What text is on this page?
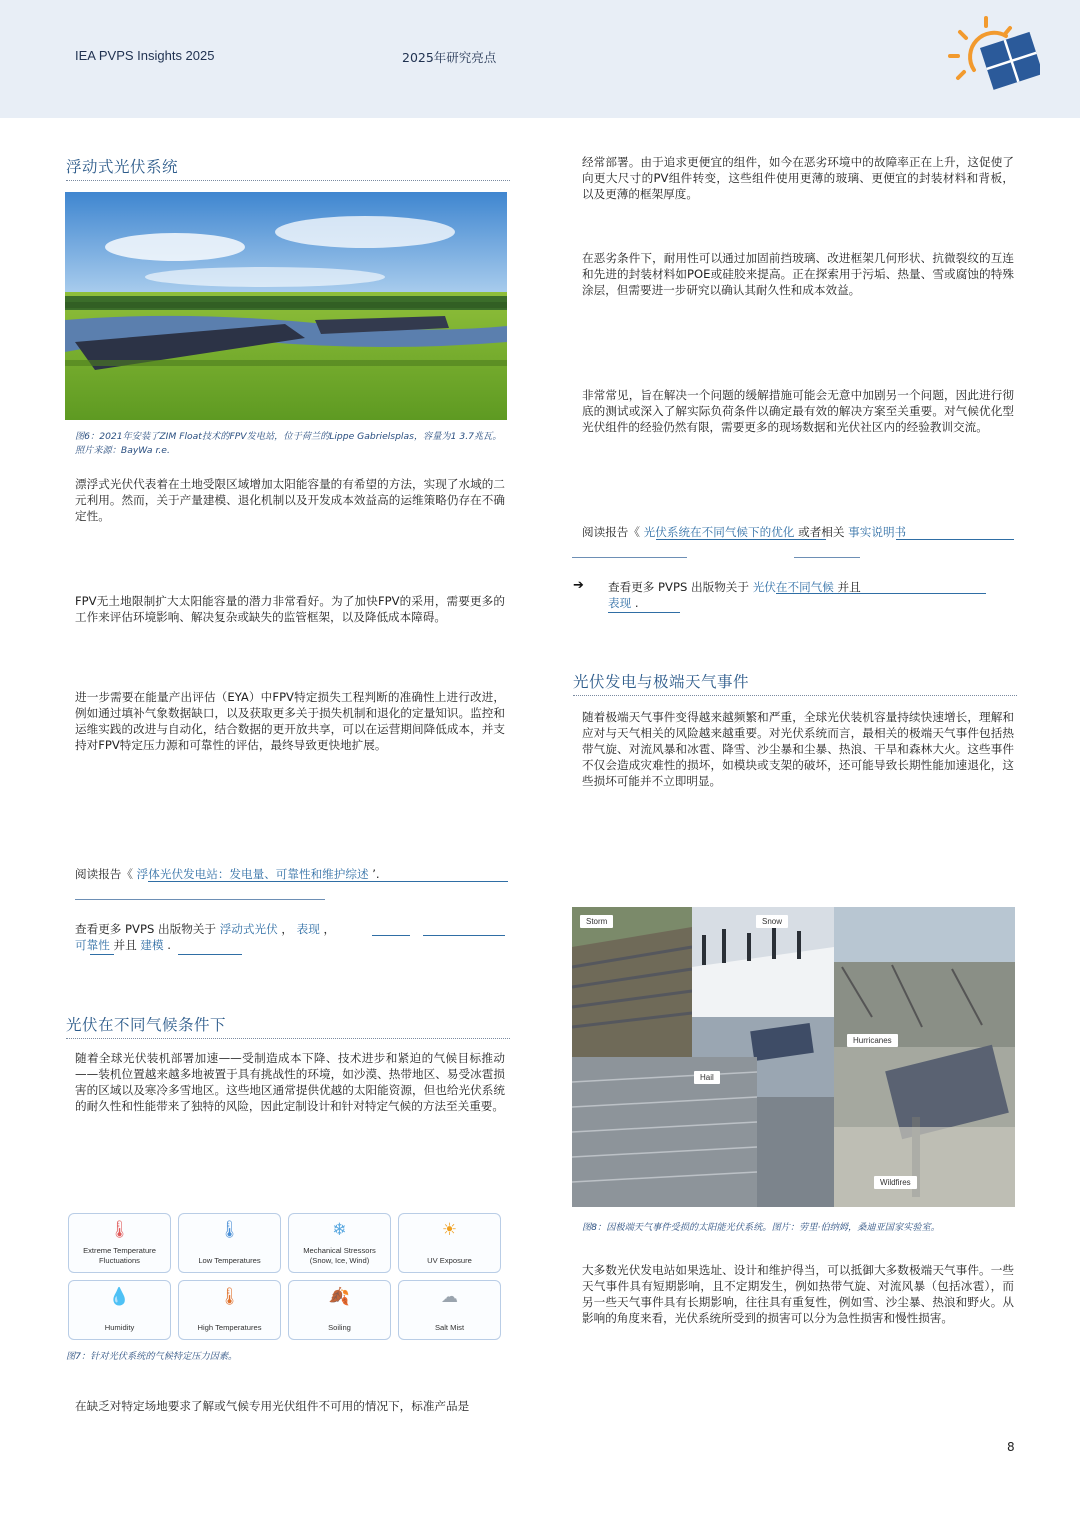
IEA PVPS Insights 2025	2025年研究亮点
浮动式光伏系统
图6：2021年安装了ZIM Float技术的FPV发电站，位于荷兰的Lippe Gabrielsplas，容量为1 3.7兆瓦。照片来源：BayWa r.e.
漂浮式光伏代表着在土地受限区域增加太阳能容量的有希望的方法，实现了水域的二元利用。然而，关于产量建模、退化机制以及开发成本效益高的运维策略仍存在不确定性。
FPV无土地限制扩大太阳能容量的潜力非常看好。为了加快FPV的采用，需要更多的工作来评估环境影响、解决复杂或缺失的监管框架，以及降低成本障碍。
进一步需要在能量产出评估（EYA）中FPV特定损失工程判断的准确性上进行改进，例如通过填补气象数据缺口，以及获取更多关于损失机制和退化的定量知识。监控和运维实践的改进与自动化，结合数据的更开放共享，可以在运营期间降低成本，并支持对FPV特定压力源和可靠性的评估，最终导致更快地扩展。
阅读报告《 浮体光伏发电站：发电量、可靠性和维护综述 ’.
查看更多 PVPS 出版物关于 浮动式光伏 ， 表现 ，
可靠性 并且 建模 .
光伏在不同气候条件下
随着全球光伏装机部署加速——受制造成本下降、技术进步和紧迫的气候目标推动——装机位置越来越多地被置于具有挑战性的环境，如沙漠、热带地区、易受冰雹损害的区域以及寒冷多雪地区。这些地区通常提供优越的太阳能资源，但也给光伏系统的耐久性和性能带来了独特的风险，因此定制设计和针对特定气候的方法至关重要。
🌡
Extreme Temperature Fluctuations
🌡
Low Temperatures
❄
Mechanical Stressors (Snow, Ice, Wind)
☀
UV Exposure
💧
Humidity
🌡
High Temperatures
🍂
Soiling
☁
Salt Mist
图7：针对光伏系统的气候特定压力因素。
在缺乏对特定场地要求了解或气候专用光伏组件不可用的情况下，标准产品是
经常部署。由于追求更便宜的组件，如今在恶劣环境中的故障率正在上升，这促使了向更大尺寸的PV组件转变，这些组件使用更薄的玻璃、更便宜的封装材料和背板，以及更薄的框架厚度。
在恶劣条件下，耐用性可以通过加固前挡玻璃、改进框架几何形状、抗微裂纹的互连和先进的封装材料如POE或硅胶来提高。正在探索用于污垢、热量、雪或腐蚀的特殊涂层，但需要进一步研究以确认其耐久性和成本效益。
非常常见，旨在解决一个问题的缓解措施可能会无意中加剧另一个问题，因此进行彻底的测试或深入了解实际负荷条件以确定最有效的解决方案至关重要。对气候优化型光伏组件的经验仍然有限，需要更多的现场数据和光伏社区内的经验教训交流。
阅读报告《 光伏系统在不同气候下的优化 或者相关 事实说明书
➔ 查看更多 PVPS 出版物关于 光伏在不同气候 并且
表现 .
光伏发电与极端天气事件
随着极端天气事件变得越来越频繁和严重，全球光伏装机容量持续快速增长，理解和应对与天气相关的风险越来越重要。对光伏系统而言，最相关的极端天气事件包括热带气旋、对流风暴和冰雹、降雪、沙尘暴和尘暴、热浪、干旱和森林大火。这些事件不仅会造成灾难性的损坏，如模块或支架的破坏，还可能导致长期性能加速退化，这些损坏可能并不立即明显。
Storm	Snow
Hurricanes
Hail
Wildfires
图8：因极端天气事件受损的太阳能光伏系统。图片：劳里·伯纳姆，桑迪亚国家实验室。
大多数光伏发电站如果选址、设计和维护得当，可以抵御大多数极端天气事件。一些天气事件具有短期影响，且不定期发生，例如热带气旋、对流风暴（包括冰雹），而另一些天气事件具有长期影响，往往具有重复性，例如雪、沙尘暴、热浪和野火。从影响的角度来看，光伏系统所受到的损害可以分为急性损害和慢性损害。
8
